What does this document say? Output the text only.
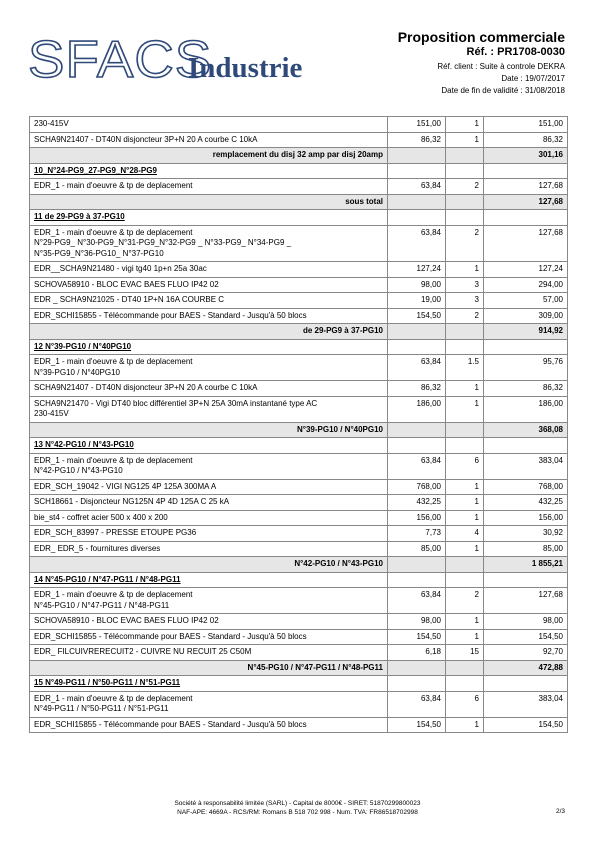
SFACS
Industrie
Proposition commerciale
Réf. : PR1708-0030
Réf. client : Suite à controle DEKRA
Date : 19/07/2017
Date de fin de validité : 31/08/2018
230-415V	151,00	1	151,00
SCHA9N21407 - DT40N disjoncteur 3P+N 20 A courbe C 10kA	86,32	1	86,32
remplacement du disj 32 amp par disj 20amp			301,16
10_N°24-PG9_27-PG9_N°28-PG9			
EDR_1 - main d'oeuvre & tp de deplacement	63,84	2	127,68
sous total			127,68
11 de 29-PG9 à 37-PG10			
EDR_1 - main d'oeuvre & tp de deplacement
N°29-PG9_ N°30-PG9_N°31-PG9_N°32-PG9 _ N°33-PG9_ N°34-PG9 _
N°35-PG9_N°36-PG10_ N°37-PG10	63,84	2	127,68
EDR__SCHA9N21480 - vigi tg40 1p+n 25a 30ac	127,24	1	127,24
SCHOVA58910 - BLOC EVAC BAES FLUO IP42 02	98,00	3	294,00
EDR _ SCHA9N21025 - DT40 1P+N 16A COURBE C	19,00	3	57,00
EDR_SCHI15855 - Télécommande pour BAES - Standard - Jusqu'à 50 blocs	154,50	2	309,00
de 29-PG9 à 37-PG10			914,92
12 N°39-PG10 / N°40PG10			
EDR_1 - main d'oeuvre & tp de deplacement
N°39-PG10 / N°40PG10	63,84	1.5	95,76
SCHA9N21407 - DT40N disjoncteur 3P+N 20 A courbe C 10kA	86,32	1	86,32
SCHA9N21470 - Vigi DT40 bloc différentiel 3P+N 25A 30mA instantané type AC
230-415V	186,00	1	186,00
N°39-PG10 / N°40PG10			368,08
13 N°42-PG10 / N°43-PG10			
EDR_1 - main d'oeuvre & tp de deplacement
N°42-PG10 / N°43-PG10	63,84	6	383,04
EDR_SCH_19042 - VIGI NG125 4P 125A 300MA A	768,00	1	768,00
SCH18661 - Disjoncteur NG125N 4P 4D 125A C 25 kA	432,25	1	432,25
bie_st4 - coffret acier 500 x 400 x 200	156,00	1	156,00
EDR_SCH_83997 - PRESSE ETOUPE PG36	7,73	4	30,92
EDR_ EDR_5 - fournitures diverses	85,00	1	85,00
N°42-PG10 / N°43-PG10			1 855,21
14 N°45-PG10 / N°47-PG11 / N°48-PG11			
EDR_1 - main d'oeuvre & tp de deplacement
N°45-PG10 / N°47-PG11 / N°48-PG11	63,84	2	127,68
SCHOVA58910 - BLOC EVAC BAES FLUO IP42 02	98,00	1	98,00
EDR_SCHI15855 - Télécommande pour BAES - Standard - Jusqu'à 50 blocs	154,50	1	154,50
EDR_ FILCUIVRERECUIT2 - CUIVRE NU RECUIT 25 C50M	6,18	15	92,70
N°45-PG10 / N°47-PG11 / N°48-PG11			472,88
15 N°49-PG11 / N°50-PG11 / N°51-PG11			
EDR_1 - main d'oeuvre & tp de deplacement
N°49-PG11 / N°50-PG11 / N°51-PG11	63,84	6	383,04
EDR_SCHI15855 - Télécommande pour BAES - Standard - Jusqu'à 50 blocs	154,50	1	154,50
Société à responsabilité limitée (SARL) - Capital de 8000€ - SIRET: 51870299800023
NAF-APE: 4669A - RCS/RM: Romans B 518 702 998 - Num. TVA: FR86518702998	2/3
